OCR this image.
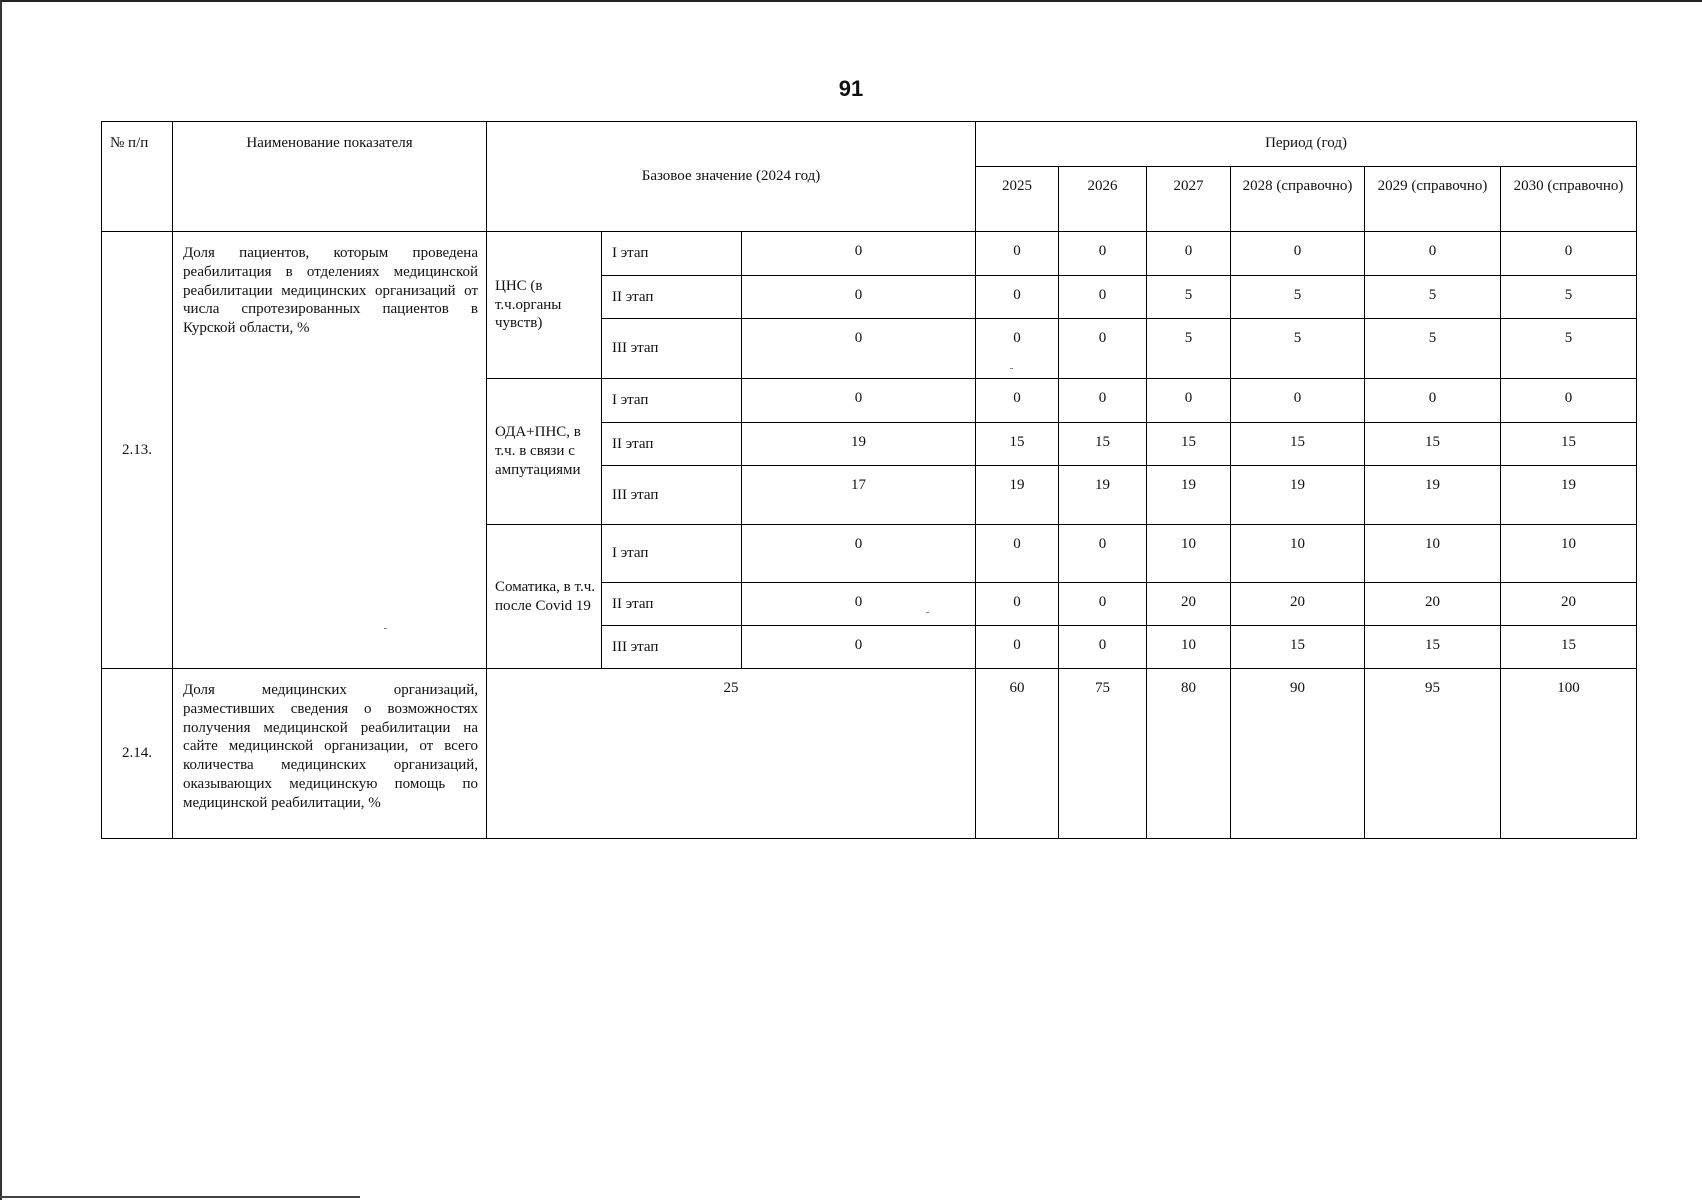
91
№ п/п	Наименование показателя	Базовое значение (2024 год)			Период (год)					
					2025	2026	2027	2028 (справочно)	2029 (справочно)	2030 (справочно)
2.13.	Доля пациентов, которым проведена реабилитация в отделениях медицинской реабилитации медицинских организаций от числа спротезированных пациентов в Курской области, %	ЦНС (в т.ч.органы чувств)	I этап	0	0	0	0	0	0	0
			II этап	0	0	0	5	5	5	5
			III этап	0	0	0	5	5	5	5
		ОДА+ПНС, в т.ч. в связи с ампутациями	I этап	0	0	0	0	0	0	0
			II этап	19	15	15	15	15	15	15
			III этап	17	19	19	19	19	19	19
		Соматика, в т.ч. после Covid 19	I этап	0	0	0	10	10	10	10
			II этап	0	0	0	20	20	20	20
			III этап	0	0	0	10	15	15	15
2.14.	Доля медицинских организаций, разместивших сведения о возможностях получения медицинской реабилитации на сайте медицинской организации, от всего количества медицинских организаций, оказывающих медицинскую помощь по медицинской реабилитации, %	25			60	75	80	90	95	100
